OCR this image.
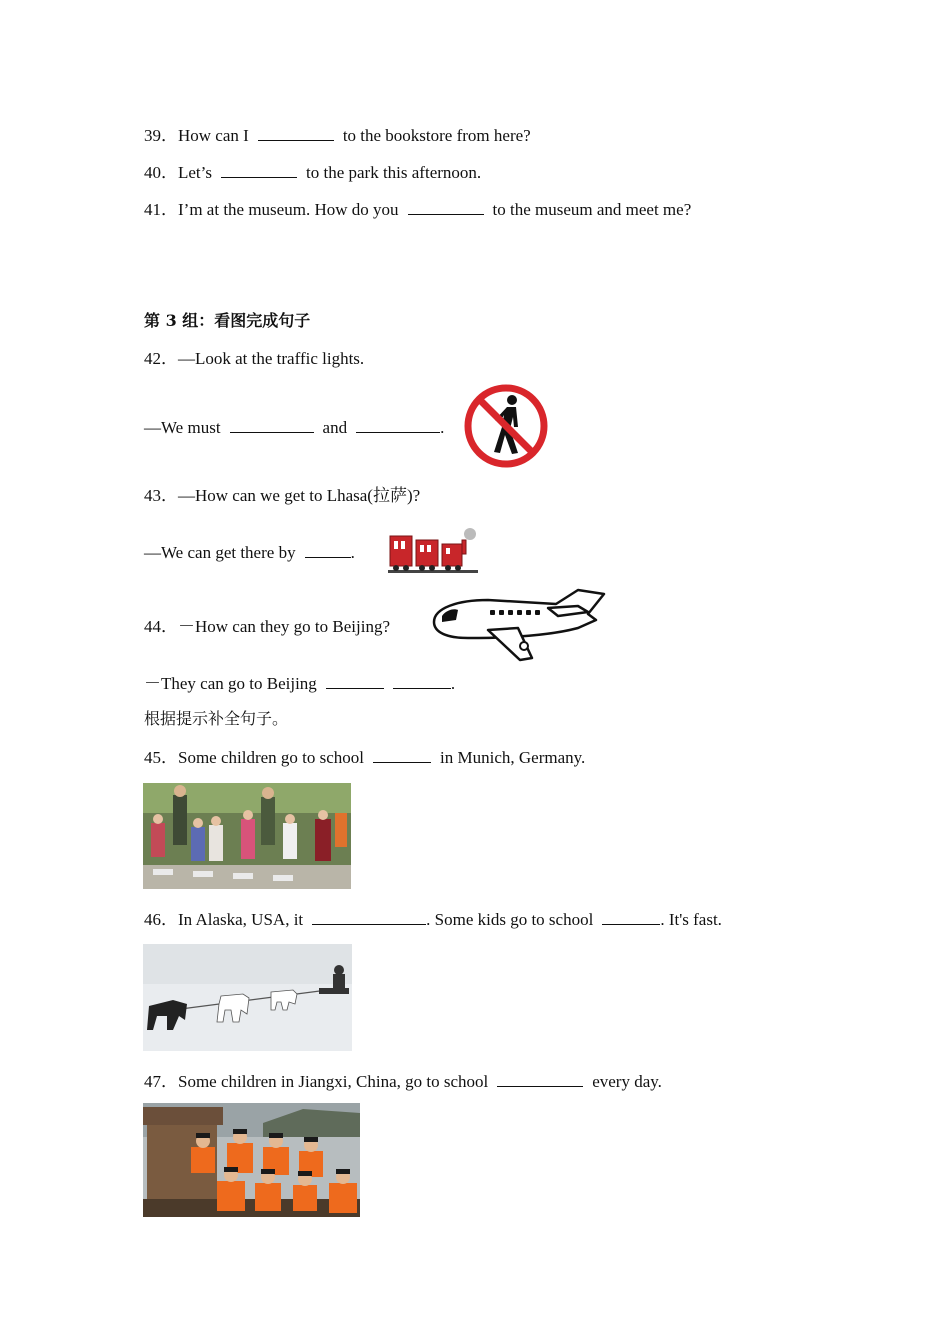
39．How can I	to the bookstore from here?
40．Let’s	to the park this afternoon.
41．I’m at the museum. How do you	to the museum and meet me?
第 3 组：看图完成句子
42．—Look at the traffic lights.
—We must	and	.
43．—How can we get to Lhasa(拉萨)?
—We can get there by	.
44．－How can they go to Beijing?
－They can go to Beijing	.
根据提示补全句子。
45．Some children go to school	in Munich, Germany.
46．In Alaska, USA, it	. Some kids go to school	. It's fast.
47．Some children in Jiangxi, China, go to school	every day.
